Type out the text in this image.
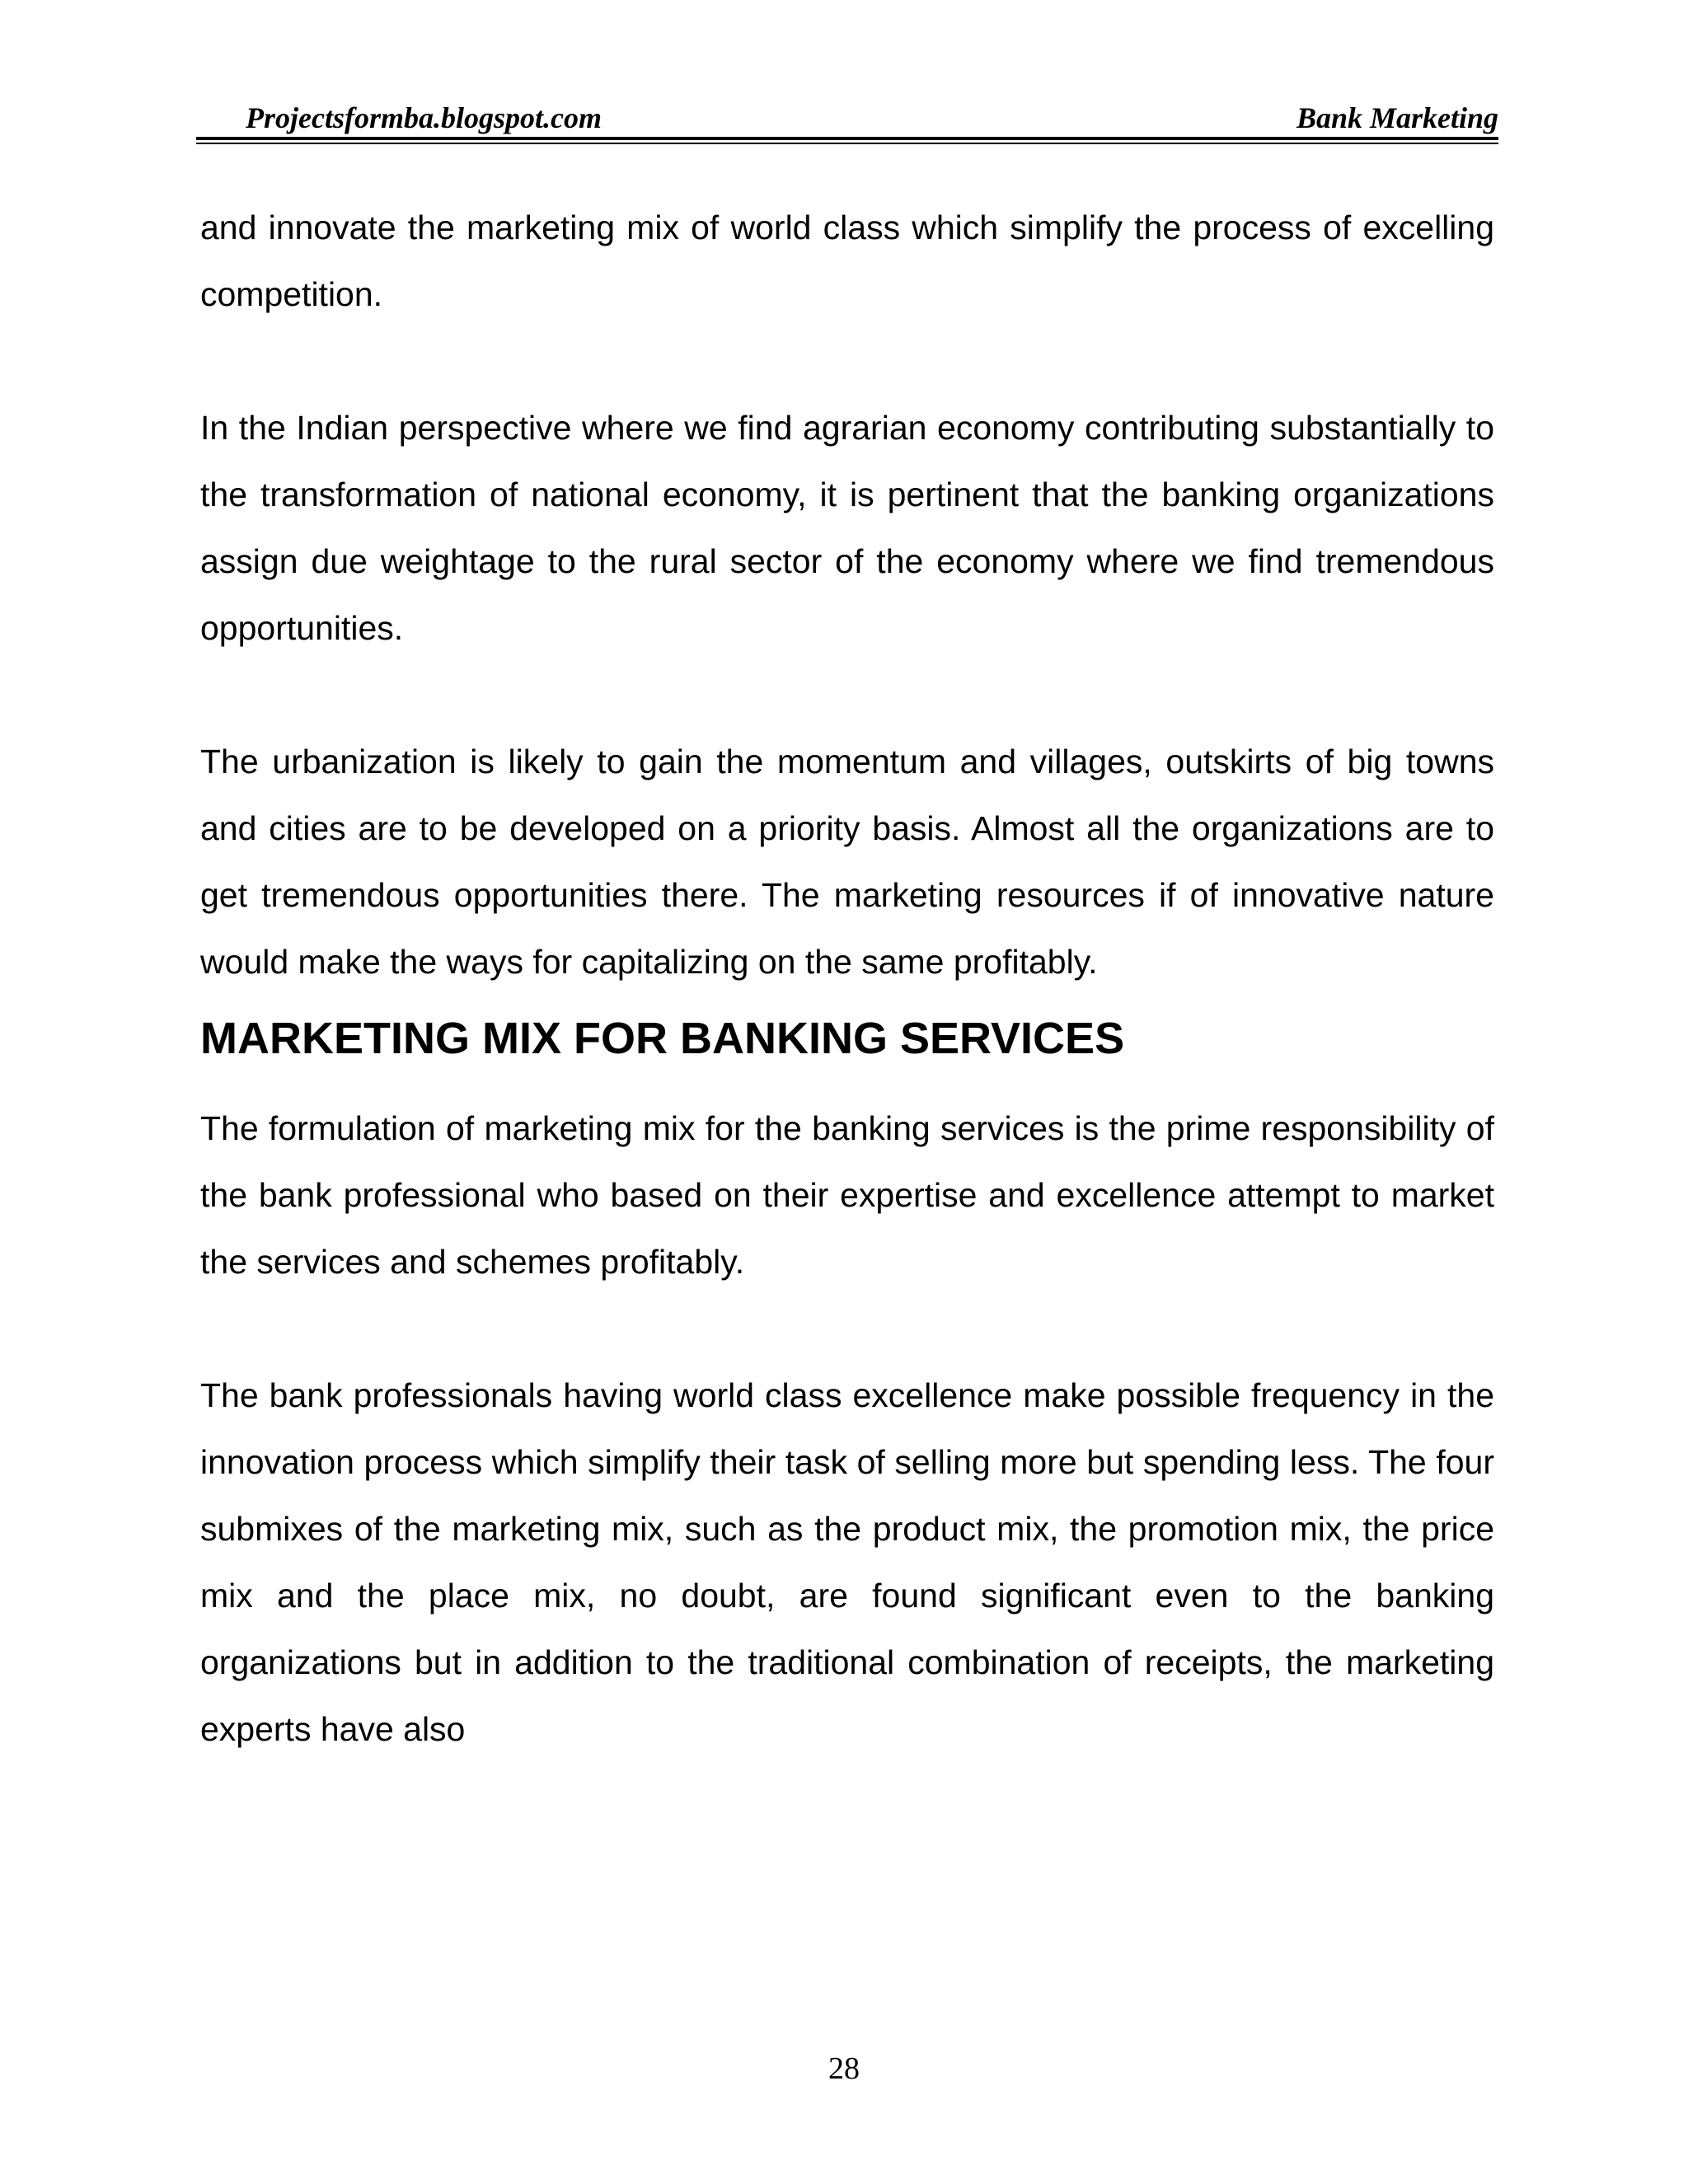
Projectsformba.blogspot.com	Bank Marketing

and innovate the marketing mix of world class which simplify the process of excelling competition.

In the Indian perspective where we find agrarian economy contributing substantially to the transformation of national economy, it is pertinent that the banking organizations assign due weightage to the rural sector of the economy where we find tremendous opportunities.

The urbanization is likely to gain the momentum and villages, outskirts of big towns and cities are to be developed on a priority basis. Almost all the organizations are to get tremendous opportunities there. The marketing resources if of innovative nature would make the ways for capitalizing on the same profitably.

MARKETING MIX FOR BANKING SERVICES

The formulation of marketing mix for the banking services is the prime responsibility of the bank professional who based on their expertise and excellence attempt to market the services and schemes profitably.

The bank professionals having world class excellence make possible frequency in the innovation process which simplify their task of selling more but spending less. The four submixes of the marketing mix, such as the product mix, the promotion mix, the price mix and the place mix, no doubt, are found significant even to the banking organizations but in addition to the traditional combination of receipts, the marketing experts have also

28
